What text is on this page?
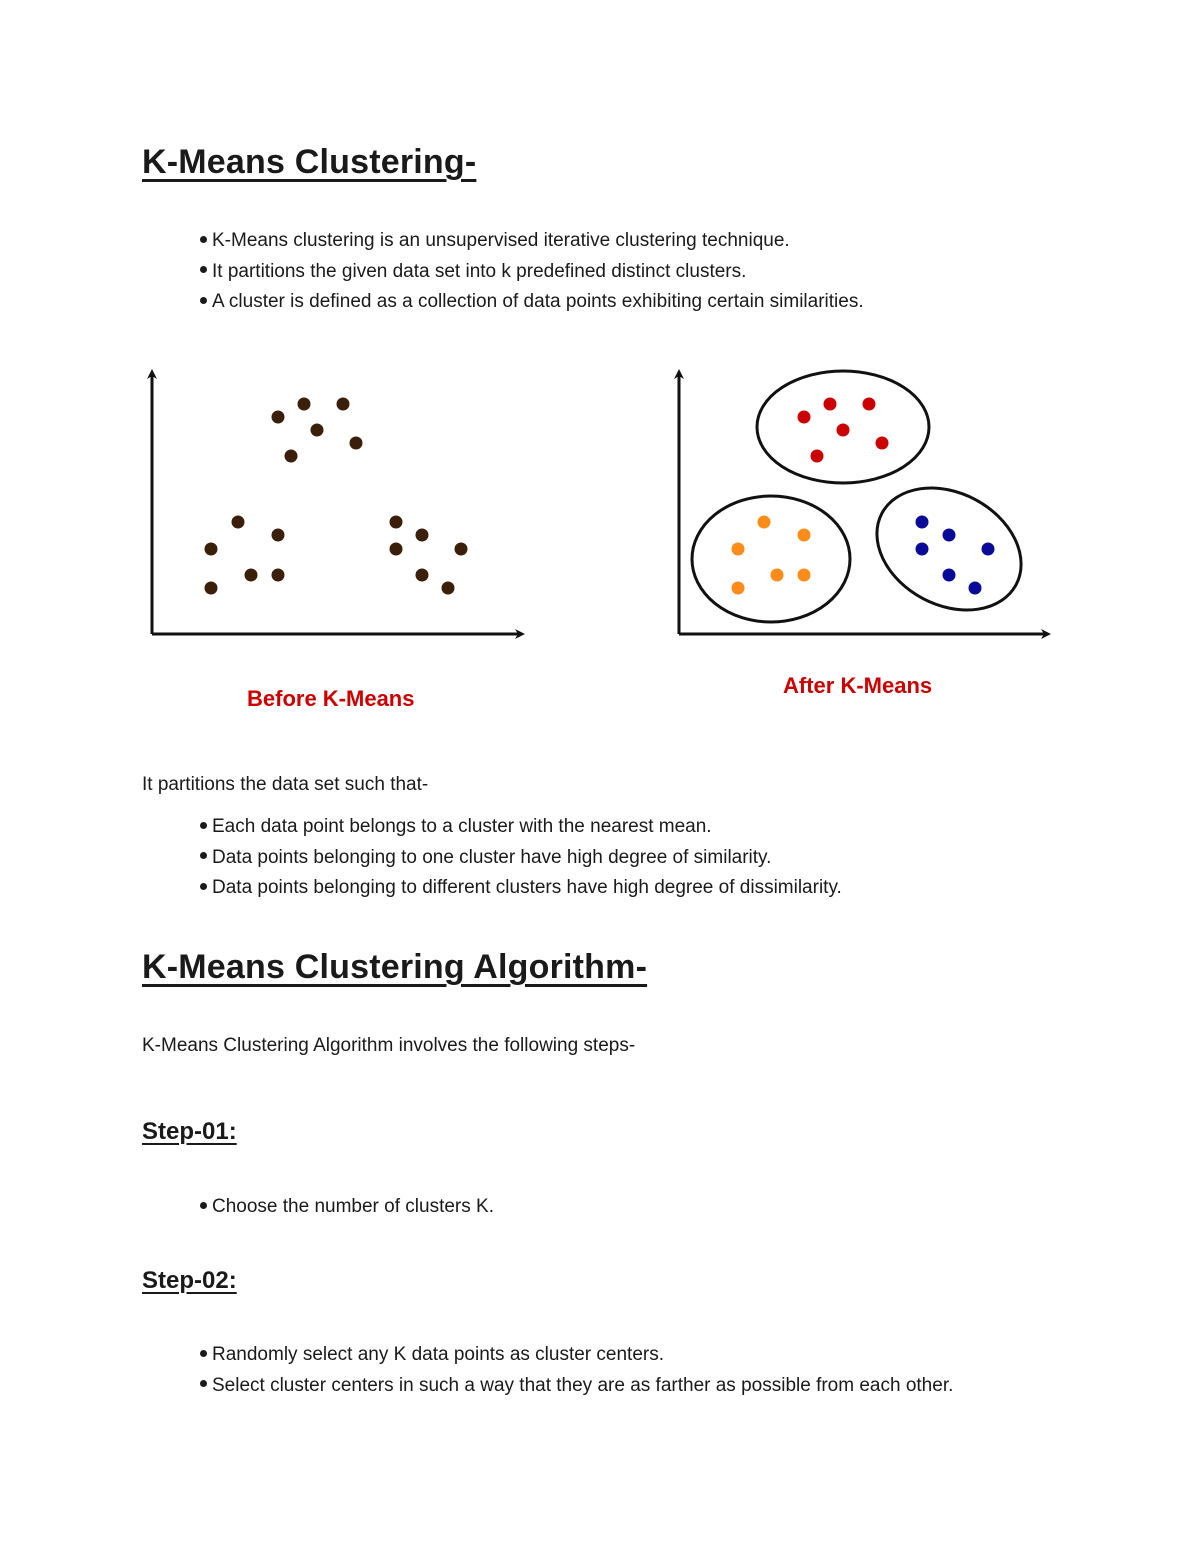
K-Means Clustering-
K-Means clustering is an unsupervised iterative clustering technique.
It partitions the given data set into k predefined distinct clusters.
A cluster is defined as a collection of data points exhibiting certain similarities.

Before K-Means

After K-Means

It partitions the data set such that-

Each data point belongs to a cluster with the nearest mean.
Data points belonging to one cluster have high degree of similarity.
Data points belonging to different clusters have high degree of dissimilarity.
K-Means Clustering Algorithm-

K-Means Clustering Algorithm involves the following steps-

Step-01:
Choose the number of clusters K.
Step-02:
Randomly select any K data points as cluster centers.
Select cluster centers in such a way that they are as farther as possible from each other.
